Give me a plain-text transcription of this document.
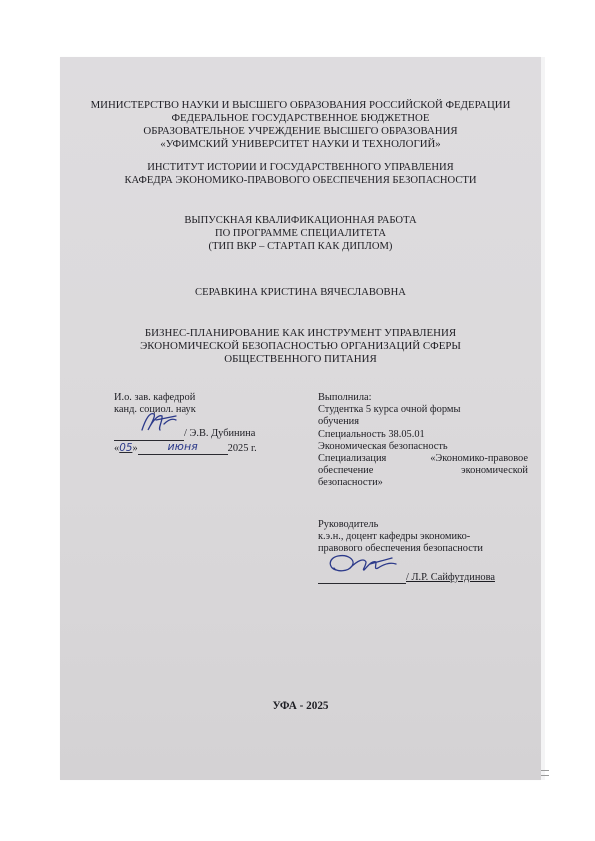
МИНИСТЕРСТВО НАУКИ И ВЫСШЕГО ОБРАЗОВАНИЯ РОССИЙСКОЙ ФЕДЕРАЦИИ
ФЕДЕРАЛЬНОЕ ГОСУДАРСТВЕННОЕ БЮДЖЕТНОЕ
ОБРАЗОВАТЕЛЬНОЕ УЧРЕЖДЕНИЕ ВЫСШЕГО ОБРАЗОВАНИЯ
«УФИМСКИЙ УНИВЕРСИТЕТ НАУКИ И ТЕХНОЛОГИЙ»
ИНСТИТУТ ИСТОРИИ И ГОСУДАРСТВЕННОГО УПРАВЛЕНИЯ
КАФЕДРА ЭКОНОМИКО-ПРАВОВОГО ОБЕСПЕЧЕНИЯ БЕЗОПАСНОСТИ
ВЫПУСКНАЯ КВАЛИФИКАЦИОННАЯ РАБОТА
ПО ПРОГРАММЕ СПЕЦИАЛИТЕТА
(ТИП ВКР – СТАРТАП КАК ДИПЛОМ)
СЕРАВКИНА КРИСТИНА ВЯЧЕСЛАВОВНА
БИЗНЕС-ПЛАНИРОВАНИЕ КАК ИНСТРУМЕНТ УПРАВЛЕНИЯ
ЭКОНОМИЧЕСКОЙ БЕЗОПАСНОСТЬЮ ОРГАНИЗАЦИЙ СФЕРЫ
ОБЩЕСТВЕННОГО ПИТАНИЯ
И.о. зав. кафедрой
канд. социол. наук
/ Э.В. Дубинина
«05»	июня	2025 г.
Выполнила:
Студентка 5 курса очной формы
обучения
Специальность 38.05.01
Экономическая безопасность
Специализация	«Экономико-правовое
обеспечение	экономической
безопасности»
Руководитель
к.э.н., доцент кафедры экономико-
правового обеспечения безопасности
/ Л.Р. Сайфутдинова
УФА - 2025
